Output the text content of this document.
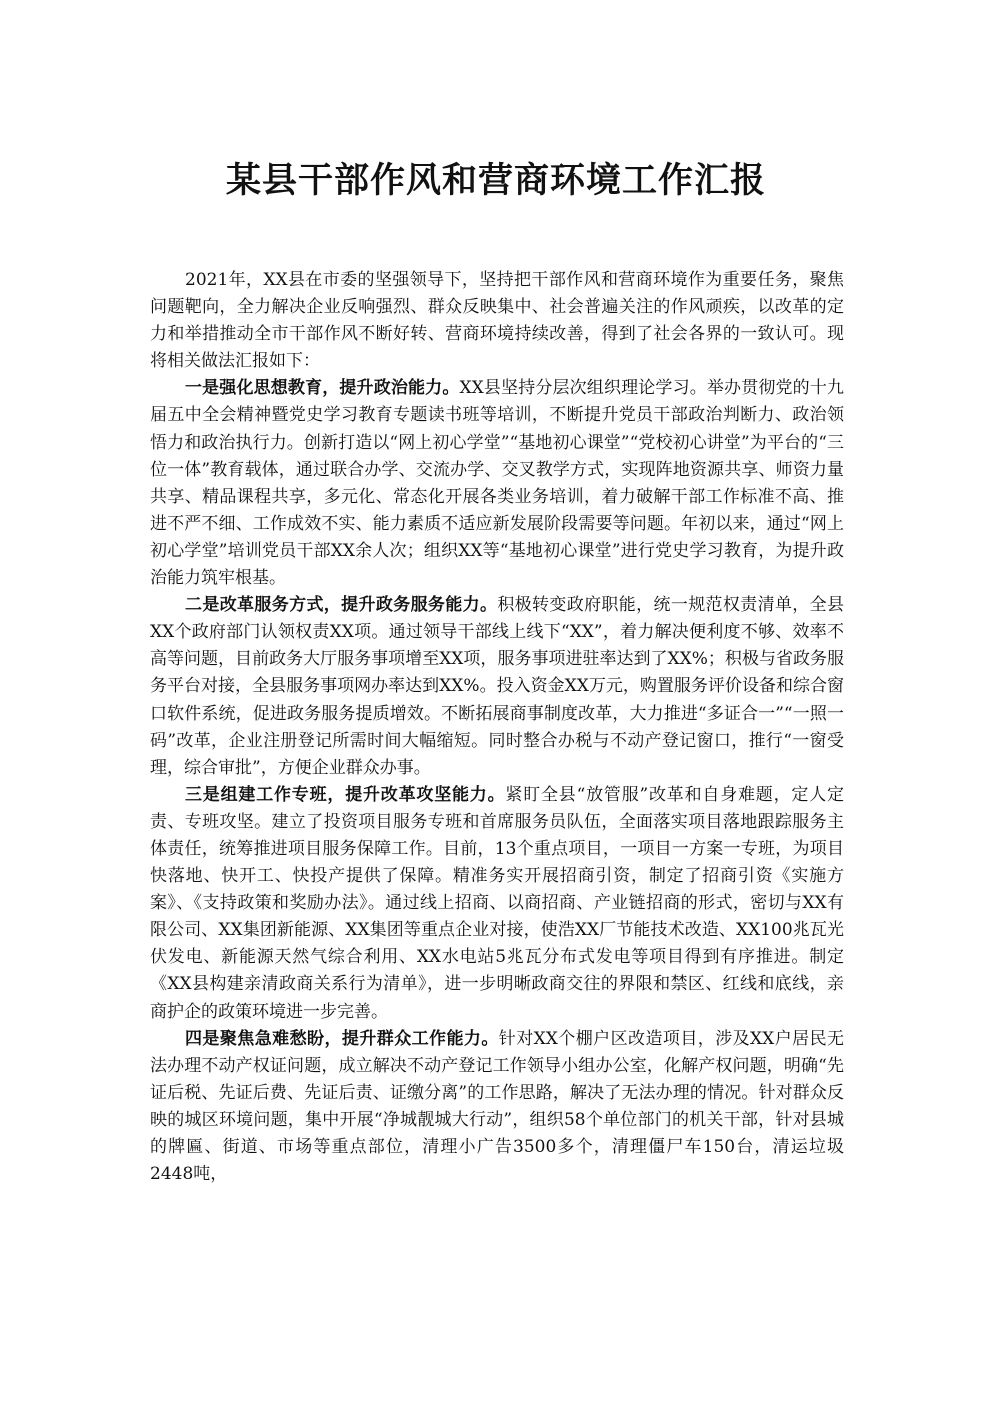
某县干部作风和营商环境工作汇报

2021年，XX县在市委的坚强领导下，坚持把干部作风和营商环境作为重要任务，聚焦问题靶向，全力解决企业反响强烈、群众反映集中、社会普遍关注的作风顽疾，以改革的定力和举措推动全市干部作风不断好转、营商环境持续改善，得到了社会各界的一致认可。现将相关做法汇报如下：

一是强化思想教育，提升政治能力。XX县坚持分层次组织理论学习。举办贯彻党的十九届五中全会精神暨党史学习教育专题读书班等培训，不断提升党员干部政治判断力、政治领悟力和政治执行力。创新打造以“网上初心学堂”“基地初心课堂”“党校初心讲堂”为平台的“三位一体”教育载体，通过联合办学、交流办学、交叉教学方式，实现阵地资源共享、师资力量共享、精品课程共享，多元化、常态化开展各类业务培训，着力破解干部工作标准不高、推进不严不细、工作成效不实、能力素质不适应新发展阶段需要等问题。年初以来，通过“网上初心学堂”培训党员干部XX余人次；组织XX等“基地初心课堂”进行党史学习教育，为提升政治能力筑牢根基。

二是改革服务方式，提升政务服务能力。积极转变政府职能，统一规范权责清单，全县XX个政府部门认领权责XX项。通过领导干部线上线下“XX”，着力解决便利度不够、效率不高等问题，目前政务大厅服务事项增至XX项，服务事项进驻率达到了XX%；积极与省政务服务平台对接，全县服务事项网办率达到XX%。投入资金XX万元，购置服务评价设备和综合窗口软件系统，促进政务服务提质增效。不断拓展商事制度改革，大力推进“多证合一”“一照一码”改革，企业注册登记所需时间大幅缩短。同时整合办税与不动产登记窗口，推行“一窗受理，综合审批”，方便企业群众办事。

三是组建工作专班，提升改革攻坚能力。紧盯全县“放管服”改革和自身难题，定人定责、专班攻坚。建立了投资项目服务专班和首席服务员队伍，全面落实项目落地跟踪服务主体责任，统筹推进项目服务保障工作。目前，13个重点项目，一项目一方案一专班，为项目快落地、快开工、快投产提供了保障。精准务实开展招商引资，制定了招商引资《实施方案》、《支持政策和奖励办法》。通过线上招商、以商招商、产业链招商的形式，密切与XX有限公司、XX集团新能源、XX集团等重点企业对接，使浩XX厂节能技术改造、XX100兆瓦光伏发电、新能源天然气综合利用、XX水电站5兆瓦分布式发电等项目得到有序推进。制定《XX县构建亲清政商关系行为清单》，进一步明晰政商交往的界限和禁区、红线和底线，亲商护企的政策环境进一步完善。

四是聚焦急难愁盼，提升群众工作能力。针对XX个棚户区改造项目，涉及XX户居民无法办理不动产权证问题，成立解决不动产登记工作领导小组办公室，化解产权问题，明确“先证后税、先证后费、先证后责、证缴分离”的工作思路，解决了无法办理的情况。针对群众反映的城区环境问题，集中开展“净城靓城大行动”，组织58个单位部门的机关干部，针对县城的牌匾、街道、市场等重点部位，清理小广告3500多个，清理僵尸车150台，清运垃圾2448吨，
